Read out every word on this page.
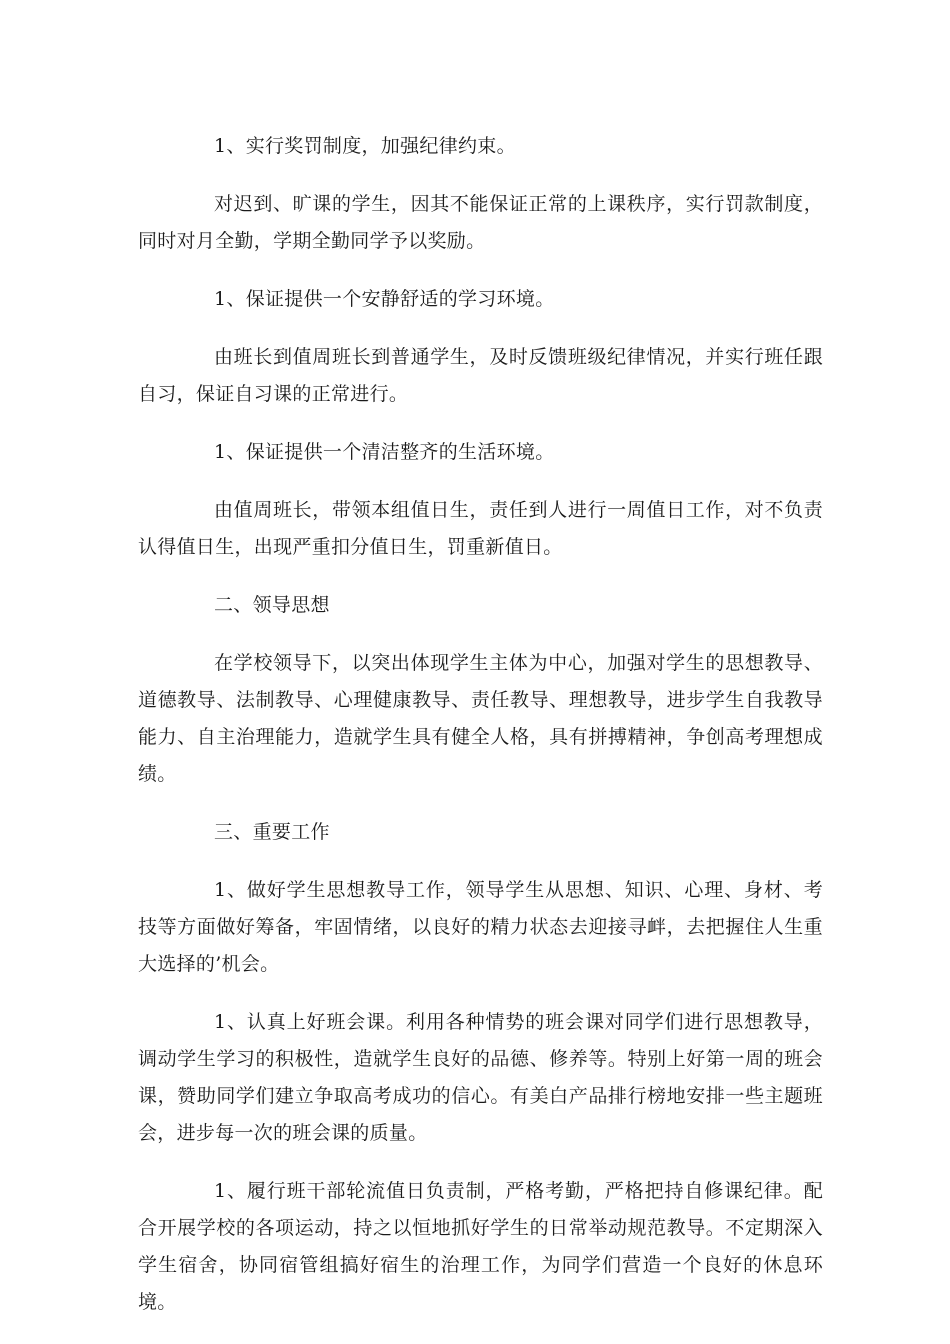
1、实行奖罚制度，加强纪律约束。

对迟到、旷课的学生，因其不能保证正常的上课秩序，实行罚款制度，同时对月全勤，学期全勤同学予以奖励。

1、保证提供一个安静舒适的学习环境。

由班长到值周班长到普通学生，及时反馈班级纪律情况，并实行班任跟自习，保证自习课的正常进行。

1、保证提供一个清洁整齐的生活环境。

由值周班长，带领本组值日生，责任到人进行一周值日工作，对不负责认得值日生，出现严重扣分值日生，罚重新值日。

二、领导思想

在学校领导下，以突出体现学生主体为中心，加强对学生的思想教导、道德教导、法制教导、心理健康教导、责任教导、理想教导，进步学生自我教导能力、自主治理能力，造就学生具有健全人格，具有拼搏精神，争创高考理想成绩。

三、重要工作

1、做好学生思想教导工作，领导学生从思想、知识、心理、身材、考技等方面做好筹备，牢固情绪，以良好的精力状态去迎接寻衅，去把握住人生重大选择的’机会。

1、认真上好班会课。利用各种情势的班会课对同学们进行思想教导，调动学生学习的积极性，造就学生良好的品德、修养等。特别上好第一周的班会课，赞助同学们建立争取高考成功的信心。有美白产品排行榜地安排一些主题班会，进步每一次的班会课的质量。

1、履行班干部轮流值日负责制，严格考勤，严格把持自修课纪律。配合开展学校的各项运动，持之以恒地抓好学生的日常举动规范教导。不定期深入学生宿舍，协同宿管组搞好宿生的治理工作，为同学们营造一个良好的休息环境。
